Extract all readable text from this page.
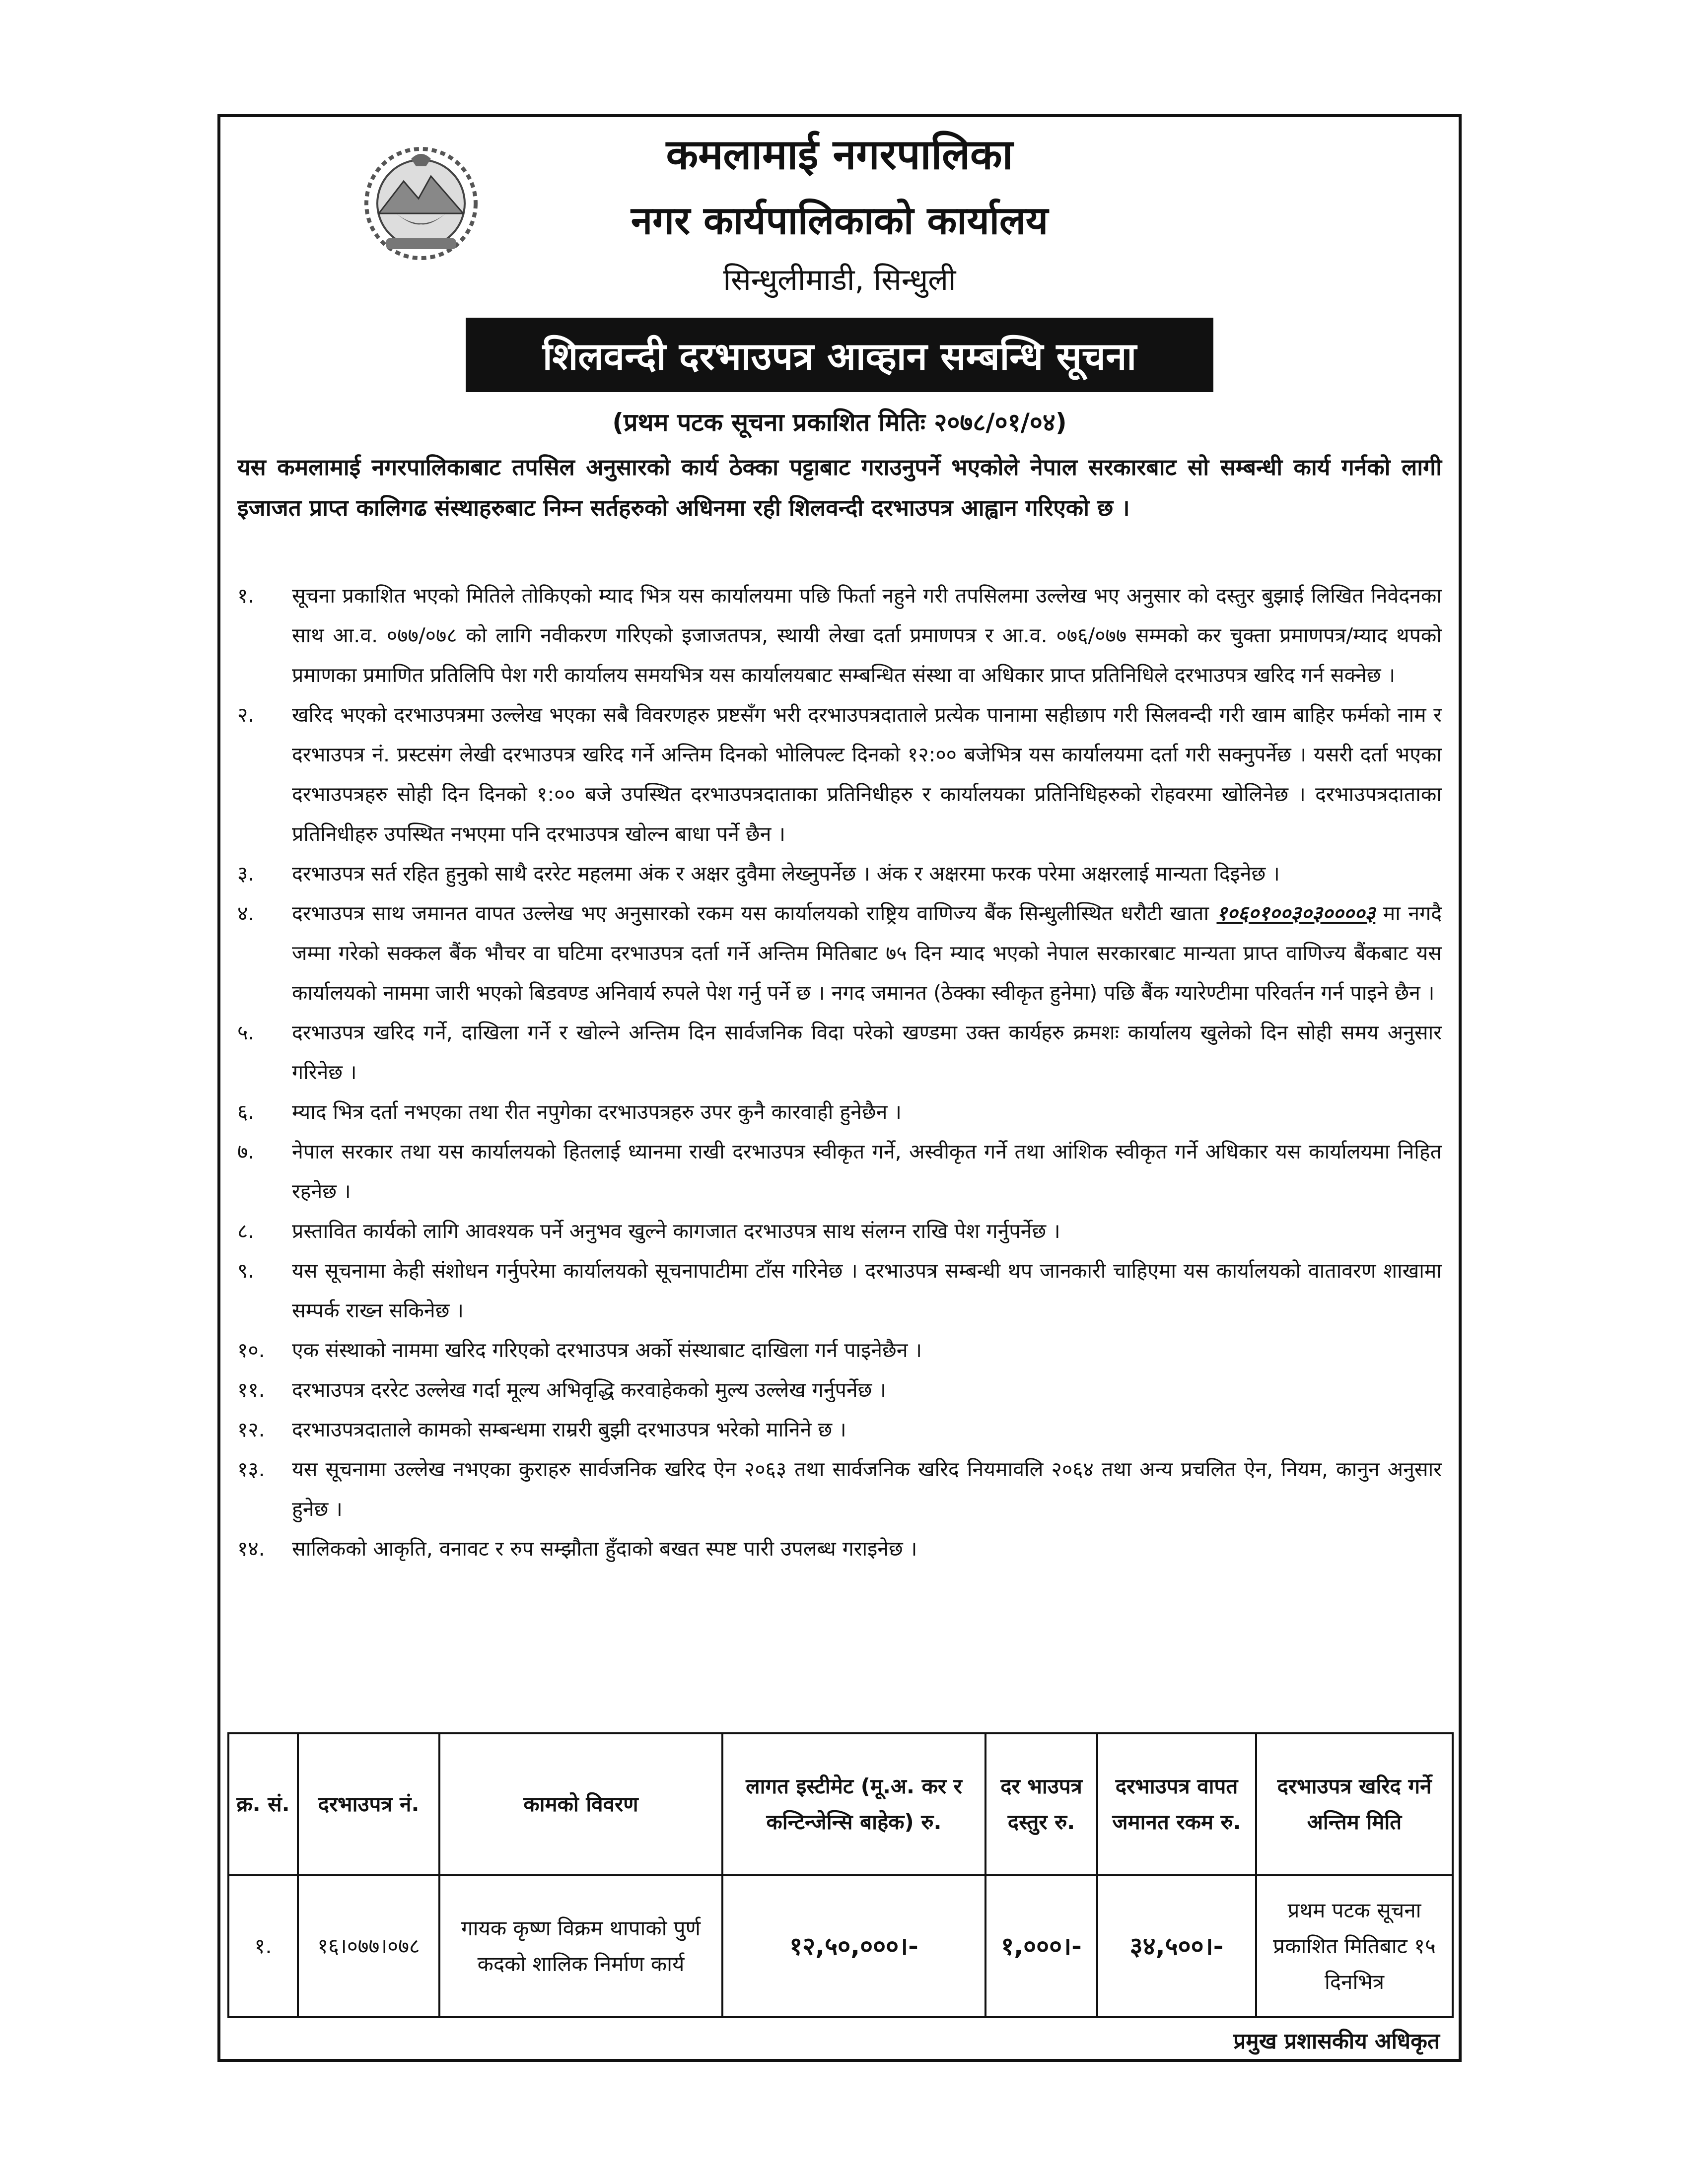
कमलामाई नगरपालिका
नगर कार्यपालिकाको कार्यालय
सिन्धुलीमाडी, सिन्धुली
शिलवन्दी दरभाउपत्र आव्हान सम्बन्धि सूचना
(प्रथम पटक सूचना प्रकाशित मितिः २०७८/०१/०४)
यस कमलामाई नगरपालिकाबाट तपसिल अनुसारको कार्य ठेक्का पट्टाबाट गराउनुपर्ने भएकोले नेपाल सरकारबाट सो सम्बन्धी कार्य गर्नको लागी इजाजत प्राप्त कालिगढ संस्थाहरुबाट निम्न सर्तहरुको अधिनमा रही शिलवन्दी दरभाउपत्र आह्वान गरिएको छ ।
१.	सूचना प्रकाशित भएको मितिले तोकिएको म्याद भित्र यस कार्यालयमा पछि फिर्ता नहुने गरी तपसिलमा उल्लेख भए अनुसार को दस्तुर बुझाई लिखित निवेदनका साथ आ.व. ०७७/०७८ को लागि नवीकरण गरिएको इजाजतपत्र, स्थायी लेखा दर्ता प्रमाणपत्र र आ.व. ०७६/०७७ सम्मको कर चुक्ता प्रमाणपत्र/म्याद थपको प्रमाणका प्रमाणित प्रतिलिपि पेश गरी कार्यालय समयभित्र यस कार्यालयबाट सम्बन्धित संस्था वा अधिकार प्राप्त प्रतिनिधिले दरभाउपत्र खरिद गर्न सक्नेछ ।
२.	खरिद भएको दरभाउपत्रमा उल्लेख भएका सबै विवरणहरु प्रष्टसँग भरी दरभाउपत्रदाताले प्रत्येक पानामा सहीछाप गरी सिलवन्दी गरी खाम बाहिर फर्मको नाम र दरभाउपत्र नं. प्रस्टसंग लेखी दरभाउपत्र खरिद गर्ने अन्तिम दिनको भोलिपल्ट दिनको १२:०० बजेभित्र यस कार्यालयमा दर्ता गरी सक्नुपर्नेछ । यसरी दर्ता भएका दरभाउपत्रहरु सोही दिन दिनको १:०० बजे उपस्थित दरभाउपत्रदाताका प्रतिनिधीहरु र कार्यालयका प्रतिनिधिहरुको रोहवरमा खोलिनेछ । दरभाउपत्रदाताका प्रतिनिधीहरु उपस्थित नभएमा पनि दरभाउपत्र खोल्न बाधा पर्ने छैन ।
३.	दरभाउपत्र सर्त रहित हुनुको साथै दररेट महलमा अंक र अक्षर दुवैमा लेख्नुपर्नेछ । अंक र अक्षरमा फरक परेमा अक्षरलाई मान्यता दिइनेछ ।
४.	दरभाउपत्र साथ जमानत वापत उल्लेख भए अनुसारको रकम यस कार्यालयको राष्ट्रिय वाणिज्य बैंक सिन्धुलीस्थित धरौटी खाता १०६०१००३०३००००३ मा नगदै जम्मा गरेको सक्कल बैंक भौचर वा घटिमा दरभाउपत्र दर्ता गर्ने अन्तिम मितिबाट ७५ दिन म्याद भएको नेपाल सरकारबाट मान्यता प्राप्त वाणिज्य बैंकबाट यस कार्यालयको नाममा जारी भएको बिडवण्ड अनिवार्य रुपले पेश गर्नु पर्ने छ । नगद जमानत (ठेक्का स्वीकृत हुनेमा) पछि बैंक ग्यारेण्टीमा परिवर्तन गर्न पाइने छैन ।
५.	दरभाउपत्र खरिद गर्ने, दाखिला गर्ने र खोल्ने अन्तिम दिन सार्वजनिक विदा परेको खण्डमा उक्त कार्यहरु क्रमशः कार्यालय खुलेको दिन सोही समय अनुसार गरिनेछ ।
६.	म्याद भित्र दर्ता नभएका तथा रीत नपुगेका दरभाउपत्रहरु उपर कुनै कारवाही हुनेछैन ।
७.	नेपाल सरकार तथा यस कार्यालयको हितलाई ध्यानमा राखी दरभाउपत्र स्वीकृत गर्ने, अस्वीकृत गर्ने तथा आंशिक स्वीकृत गर्ने अधिकार यस कार्यालयमा निहित रहनेछ ।
८.	प्रस्तावित कार्यको लागि आवश्यक पर्ने अनुभव खुल्ने कागजात दरभाउपत्र साथ संलग्न राखि पेश गर्नुपर्नेछ ।
९.	यस सूचनामा केही संशोधन गर्नुपरेमा कार्यालयको सूचनापाटीमा टाँस गरिनेछ । दरभाउपत्र सम्बन्धी थप जानकारी चाहिएमा यस कार्यालयको वातावरण शाखामा सम्पर्क राख्न सकिनेछ ।
१०.	एक संस्थाको नाममा खरिद गरिएको दरभाउपत्र अर्को संस्थाबाट दाखिला गर्न पाइनेछैन ।
११.	दरभाउपत्र दररेट उल्लेख गर्दा मूल्य अभिवृद्धि करवाहेकको मुल्य उल्लेख गर्नुपर्नेछ ।
१२.	दरभाउपत्रदाताले कामको सम्बन्धमा राम्ररी बुझी दरभाउपत्र भरेको मानिने छ ।
१३.	यस सूचनामा उल्लेख नभएका कुराहरु सार्वजनिक खरिद ऐन २०६३ तथा सार्वजनिक खरिद नियमावलि २०६४ तथा अन्य प्रचलित ऐन, नियम, कानुन अनुसार हुनेछ ।
१४.	सालिकको आकृति, वनावट र रुप सम्झौता हुँदाको बखत स्पष्ट पारी उपलब्ध गराइनेछ ।
क्र. सं.	दरभाउपत्र नं.	कामको विवरण	लागत इस्टीमेट (मू.अ. कर र कन्टिन्जेन्सि बाहेक) रु.	दर भाउपत्र दस्तुर रु.	दरभाउपत्र वापत जमानत रकम रु.	दरभाउपत्र खरिद गर्ने अन्तिम मिति
१.	१६।०७७।०७८	गायक कृष्ण विक्रम थापाको पुर्ण कदको शालिक निर्माण कार्य	१२,५०,०००।-	१,०००।-	३४,५००।-	प्रथम पटक सूचना प्रकाशित मितिबाट १५ दिनभित्र
प्रमुख प्रशासकीय अधिकृत
